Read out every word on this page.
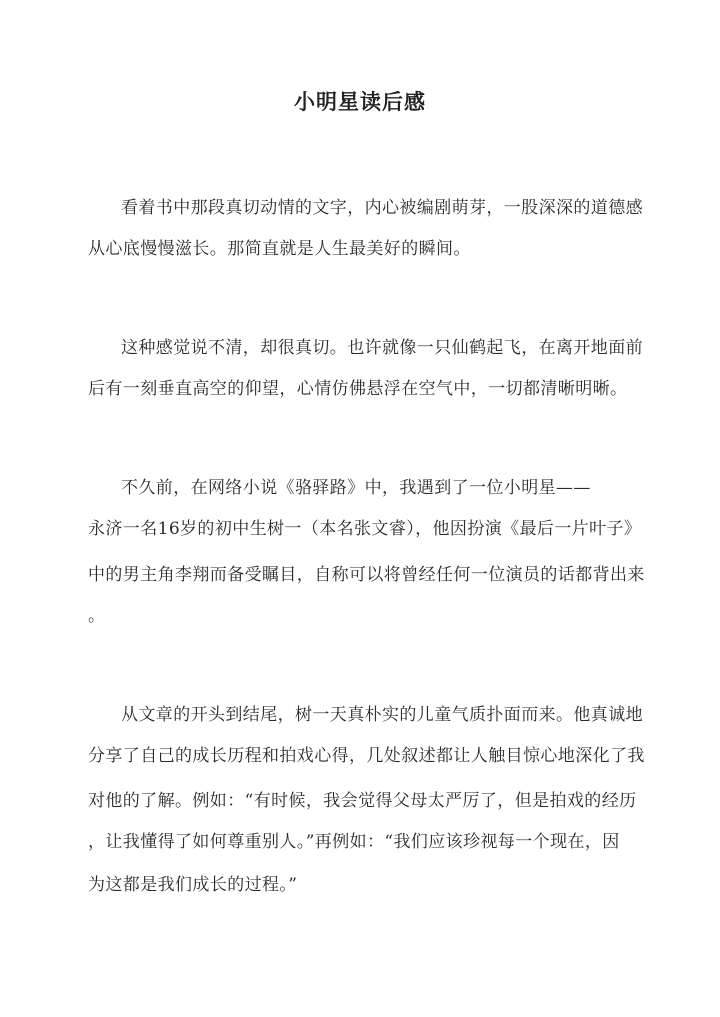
小明星读后感
看着书中那段真切动情的文字，内心被编剧萌芽，一股深深的道德感
从心底慢慢滋长。那简直就是人生最美好的瞬间。
这种感觉说不清，却很真切。也许就像一只仙鹤起飞，在离开地面前
后有一刻垂直高空的仰望，心情仿佛悬浮在空气中，一切都清晰明晰。
不久前，在网络小说《骆驿路》中，我遇到了一位小明星——
永济一名16岁的初中生树一（本名张文睿），他因扮演《最后一片叶子》
中的男主角李翔而备受瞩目，自称可以将曾经任何一位演员的话都背出来
。
从文章的开头到结尾，树一天真朴实的儿童气质扑面而来。他真诚地
分享了自己的成长历程和拍戏心得，几处叙述都让人触目惊心地深化了我
对他的了解。例如：“有时候，我会觉得父母太严厉了，但是拍戏的经历
，让我懂得了如何尊重别人。”再例如：“我们应该珍视每一个现在，因
为这都是我们成长的过程。”
